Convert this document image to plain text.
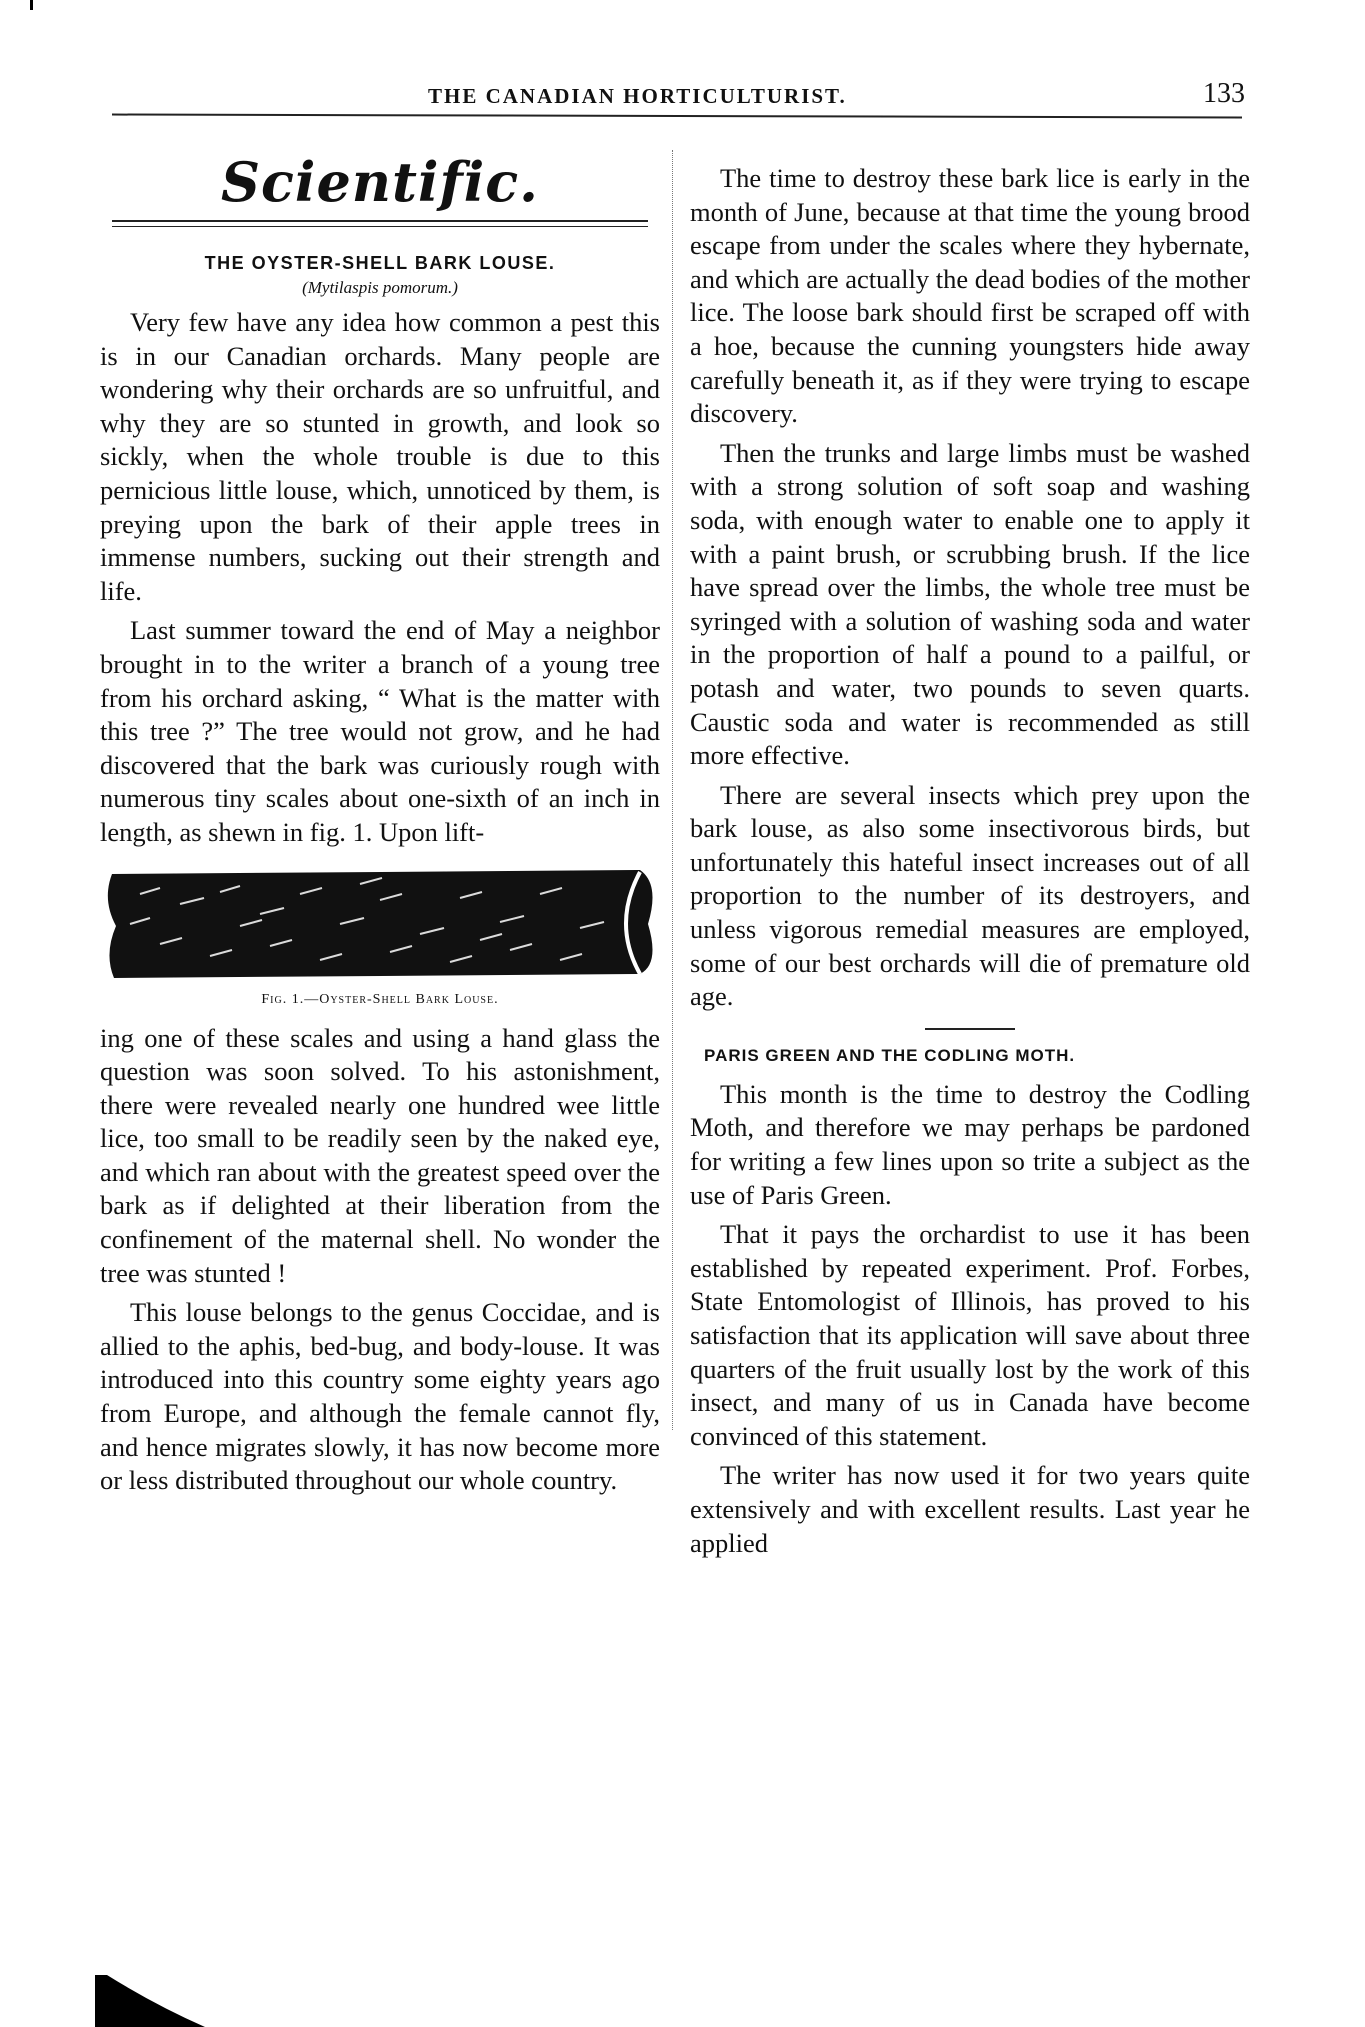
THE CANADIAN HORTICULTURIST.	133
Scientific.
THE OYSTER-SHELL BARK LOUSE.
(Mytilaspis pomorum.)

Very few have any idea how common a pest this is in our Canadian orchards. Many people are wondering why their orchards are so unfruitful, and why they are so stunted in growth, and look so sickly, when the whole trouble is due to this pernicious little louse, which, unnoticed by them, is preying upon the bark of their apple trees in immense numbers, sucking out their strength and life.

Last summer toward the end of May a neighbor brought in to the writer a branch of a young tree from his orchard asking, “ What is the matter with this tree ?” The tree would not grow, and he had discovered that the bark was curiously rough with numerous tiny scales about one-sixth of an inch in length, as shewn in fig. 1. Upon lift-

Fig. 1.—Oyster-Shell Bark Louse.

ing one of these scales and using a hand glass the question was soon solved. To his astonishment, there were revealed nearly one hundred wee little lice, too small to be readily seen by the naked eye, and which ran about with the greatest speed over the bark as if delighted at their liberation from the confinement of the maternal shell. No wonder the tree was stunted !

This louse belongs to the genus Coccidae, and is allied to the aphis, bed-bug, and body-louse. It was introduced into this country some eighty years ago from Europe, and although the female cannot fly, and hence migrates slowly, it has now become more or less distributed throughout our whole country.

The time to destroy these bark lice is early in the month of June, because at that time the young brood escape from under the scales where they hybernate, and which are actually the dead bodies of the mother lice. The loose bark should first be scraped off with a hoe, because the cunning youngsters hide away carefully beneath it, as if they were trying to escape discovery.

Then the trunks and large limbs must be washed with a strong solution of soft soap and washing soda, with enough water to enable one to apply it with a paint brush, or scrubbing brush. If the lice have spread over the limbs, the whole tree must be syringed with a solution of washing soda and water in the proportion of half a pound to a pailful, or potash and water, two pounds to seven quarts. Caustic soda and water is recommended as still more effective.

There are several insects which prey upon the bark louse, as also some insectivorous birds, but unfortunately this hateful insect increases out of all proportion to the number of its destroyers, and unless vigorous remedial measures are employed, some of our best orchards will die of premature old age.

PARIS GREEN AND THE CODLING MOTH.

This month is the time to destroy the Codling Moth, and therefore we may perhaps be pardoned for writing a few lines upon so trite a subject as the use of Paris Green.

That it pays the orchardist to use it has been established by repeated experiment. Prof. Forbes, State Entomologist of Illinois, has proved to his satisfaction that its application will save about three quarters of the fruit usually lost by the work of this insect, and many of us in Canada have become convinced of this statement.

The writer has now used it for two years quite extensively and with excellent results. Last year he applied
